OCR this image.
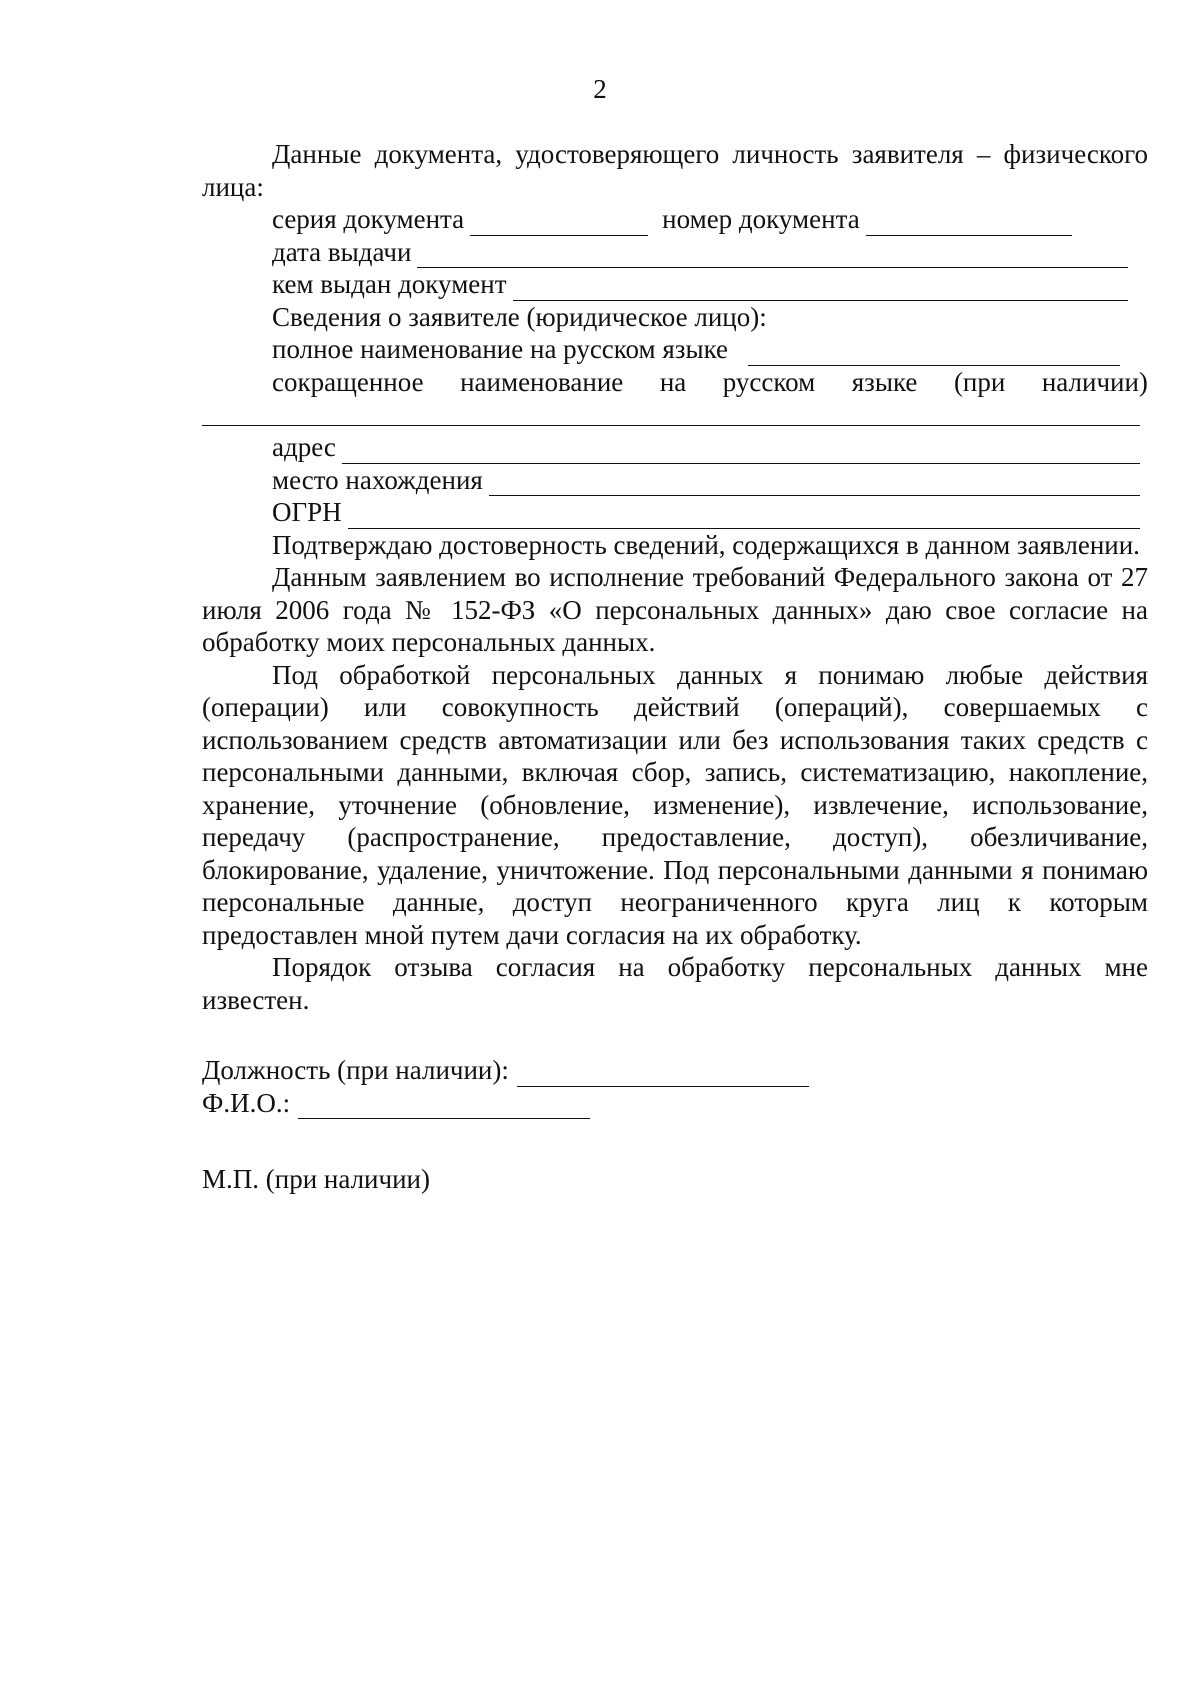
2

Данные документа, удостоверяющего личность заявителя – физического лица:

серия документа	номер документа
дата выдачи
кем выдан документ
Сведения о заявителе (юридическое лицо):
полное наименование на русском языке
сокращенное наименование на русском языке (при наличии)
адрес
место нахождения
ОГРН

Подтверждаю достоверность сведений, содержащихся в данном заявлении.

Данным заявлением во исполнение требований Федерального закона от 27 июля 2006 года № 152-ФЗ «О персональных данных» даю свое согласие на обработку моих персональных данных.

Под обработкой персональных данных я понимаю любые действия (операции) или совокупность действий (операций), совершаемых с использованием средств автоматизации или без использования таких средств с персональными данными, включая сбор, запись, систематизацию, накопление, хранение, уточнение (обновление, изменение), извлечение, использование, передачу (распространение, предоставление, доступ), обезличивание, блокирование, удаление, уничтожение. Под персональными данными я понимаю персональные данные, доступ неограниченного круга лиц к которым предоставлен мной путем дачи согласия на их обработку.

Порядок отзыва согласия на обработку персональных данных мне известен.

Должность (при наличии):
Ф.И.О.:
М.П. (при наличии)
